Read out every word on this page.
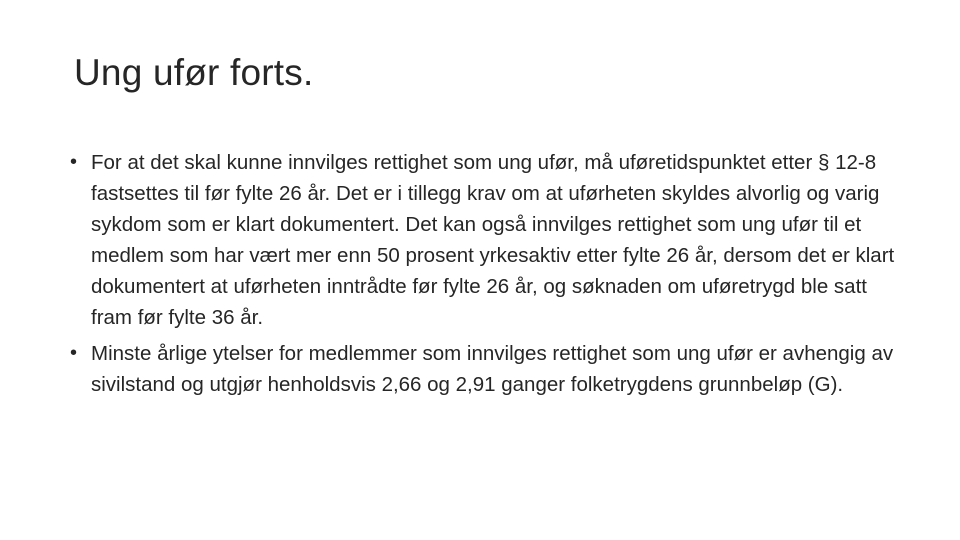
Ung ufør forts.
• For at det skal kunne innvilges rettighet som ung ufør, må uføretidspunktet etter § 12-8 fastsettes til før fylte 26 år. Det er i tillegg krav om at uførheten skyldes alvorlig og varig sykdom som er klart dokumentert. Det kan også innvilges rettighet som ung ufør til et medlem som har vært mer enn 50 prosent yrkesaktiv etter fylte 26 år, dersom det er klart dokumentert at uførheten inntrådte før fylte 26 år, og søknaden om uføretrygd ble satt fram før fylte 36 år.
• Minste årlige ytelser for medlemmer som innvilges rettighet som ung ufør er avhengig av sivilstand og utgjør henholdsvis 2,66 og 2,91 ganger folketrygdens grunnbeløp (G).
